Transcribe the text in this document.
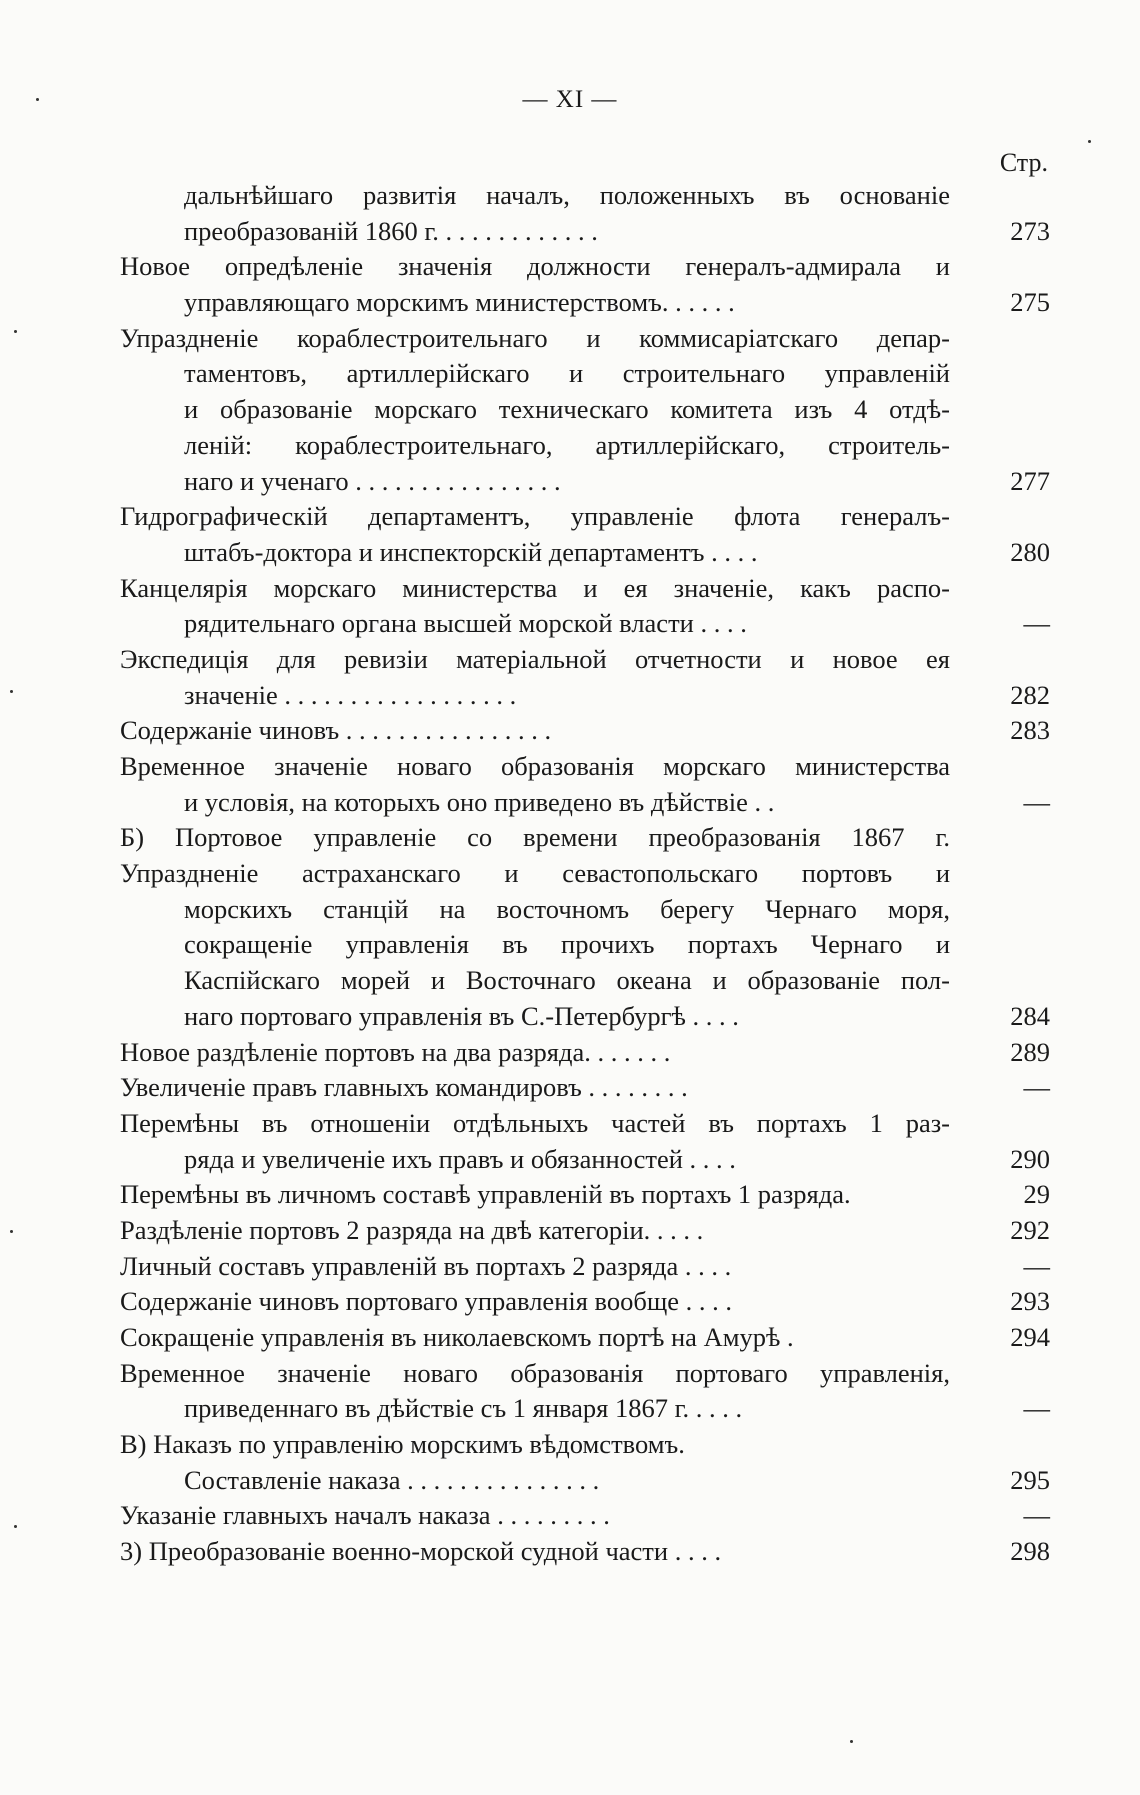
— XI —
Стр.
дальнѣйшаго развитія началъ, положенныхъ въ основаніе
преобразованій 1860 г. . . . . . . . . . . . .	273
Новое опредѣленіе значенія должности генералъ-адмирала и
управляющаго морскимъ министерствомъ. . . . . .	275
Упраздненіе кораблестроительнаго и коммисаріатскаго депар-
таментовъ, артиллерійскаго и строительнаго управленій
и образованіе морскаго техническаго комитета изъ 4 отдѣ-
леній: кораблестроительнаго, артиллерійскаго, строитель-
наго и ученаго . . . . . . . . . . . . . . . .	277
Гидрографическій департаментъ, управленіе флота генералъ-
штабъ-доктора и инспекторскій департаментъ . . . .	280
Канцелярія морскаго министерства и ея значеніе, какъ распо-
рядительнаго органа высшей морской власти . . . .	—
Экспедиція для ревизіи матеріальной отчетности и новое ея
значеніе . . . . . . . . . . . . . . . . . .	282
Содержаніе чиновъ . . . . . . . . . . . . . . . .	283
Временное значеніе новаго образованія морскаго министерства
и условія, на которыхъ оно приведено въ дѣйствіе . .	—
Б) Портовое управленіе со времени преобразованія 1867 г.
Упраздненіе астраханскаго и севастопольскаго портовъ и
морскихъ станцій на восточномъ берегу Чернаго моря,
сокращеніе управленія въ прочихъ портахъ Чернаго и
Каспійскаго морей и Восточнаго океана и образованіе пол-
наго портоваго управленія въ С.-Петербургѣ . . . .	284
Новое раздѣленіе портовъ на два разряда. . . . . . .	289
Увеличеніе правъ главныхъ командировъ . . . . . . . .	—
Перемѣны въ отношеніи отдѣльныхъ частей въ портахъ 1 раз-
ряда и увеличеніе ихъ правъ и обязанностей . . . .	290
Перемѣны въ личномъ составѣ управленій въ портахъ 1 разряда.	29
Раздѣленіе портовъ 2 разряда на двѣ категоріи. . . . .	292
Личный составъ управленій въ портахъ 2 разряда . . . .	—
Содержаніе чиновъ портоваго управленія вообще . . . .	293
Сокращеніе управленія въ николаевскомъ портѣ на Амурѣ .	294
Временное значеніе новаго образованія портоваго управленія,
приведеннаго въ дѣйствіе съ 1 января 1867 г. . . . .	—
В) Наказъ по управленію морскимъ вѣдомствомъ.
Составленіе наказа . . . . . . . . . . . . . . .	295
Указаніе главныхъ началъ наказа . . . . . . . . .	—
3) Преобразованіе военно-морской судной части . . . .	298
